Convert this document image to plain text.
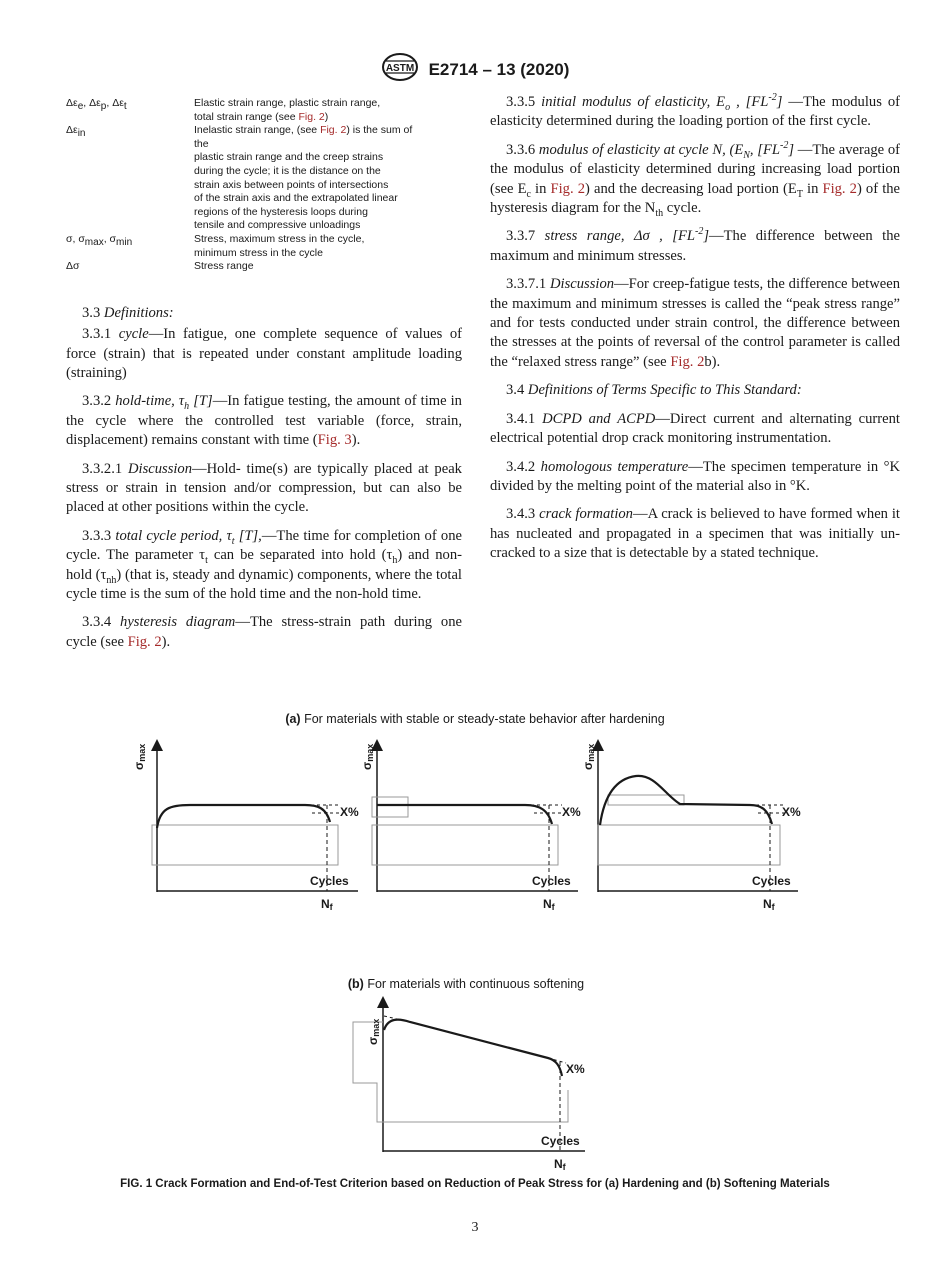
ASTM E2714 – 13 (2020)
$\Delta\varepsilon_e$, $\Delta\varepsilon_p$, $\Delta\varepsilon_t$	Elastic strain range, plastic strain range,
total strain range (see Fig. 2)
$\Delta\varepsilon_{in}$	Inelastic strain range, (see Fig. 2) is the sum of
the
plastic strain range and the creep strains
during the cycle; it is the distance on the
strain axis between points of intersections
of the strain axis and the extrapolated linear
regions of the hysteresis loops during
tensile and compressive unloadings
σ, $\sigma_{max}$, $\sigma_{min}$	Stress, maximum stress in the cycle,
minimum stress in the cycle
Δσ	Stress range

3.3 Definitions:

3.3.1 cycle—In fatigue, one complete sequence of values of force (strain) that is repeated under constant amplitude loading (straining)

3.3.2 hold-time, $\tau_h$ [T]—In fatigue testing, the amount of time in the cycle where the controlled test variable (force, strain, displacement) remains constant with time (Fig. 3).

3.3.2.1 Discussion—Hold- time(s) are typically placed at peak stress or strain in tension and/or compression, but can also be placed at other positions within the cycle.

3.3.3 total cycle period, $\tau_t$ [T],—The time for completion of one cycle. The parameter $\tau_t$ can be separated into hold $(\tau_h)$ and non-hold $(\tau_{nh})$ (that is, steady and dynamic) components, where the total cycle time is the sum of the hold time and the non-hold time.

3.3.4 hysteresis diagram—The stress-strain path during one cycle (see Fig. 2).

3.3.5 initial modulus of elasticity, $E_o$ , $[FL^{-2}]$ —The modulus of elasticity determined during the loading portion of the first cycle.

3.3.6 modulus of elasticity at cycle N, ($E_N$, $[FL^{-2}]$ —The average of the modulus of elasticity determined during increasing load portion (see $E_c$ in Fig. 2) and the decreasing load portion ($E_T$ in Fig. 2) of the hysteresis diagram for the $N_{th}$ cycle.

3.3.7 stress range, Δσ , $[FL^{-2}]—The$ difference between the maximum and minimum stresses.

3.3.7.1 Discussion—For creep-fatigue tests, the difference between the maximum and minimum stresses is called the “peak stress range” and for tests conducted under strain control, the difference between the stresses at the points of reversal of the control parameter is called the “relaxed stress range” (see Fig. 2b).

3.4 Definitions of Terms Specific to This Standard:

3.4.1 DCPD and ACPD—Direct current and alternating current electrical potential drop crack monitoring instrumentation.

3.4.2 homologous temperature—The specimen temperature in °K divided by the melting point of the material also in °K.

3.4.3 crack formation—A crack is believed to have formed when it has nucleated and propagated in a specimen that was initially un-cracked to a size that is detectable by a stated technique.

(a) For materials with stable or steady-state behavior after hardening
σmax
X%
Cycles
Nf
σmax
X%
Cycles
Nf
σmax
X%
Cycles
Nf
(b) For materials with continuous softening
σmax
X%
Cycles
Nf
FIG. 1 Crack Formation and End-of-Test Criterion based on Reduction of Peak Stress for (a) Hardening and (b) Softening Materials
3
